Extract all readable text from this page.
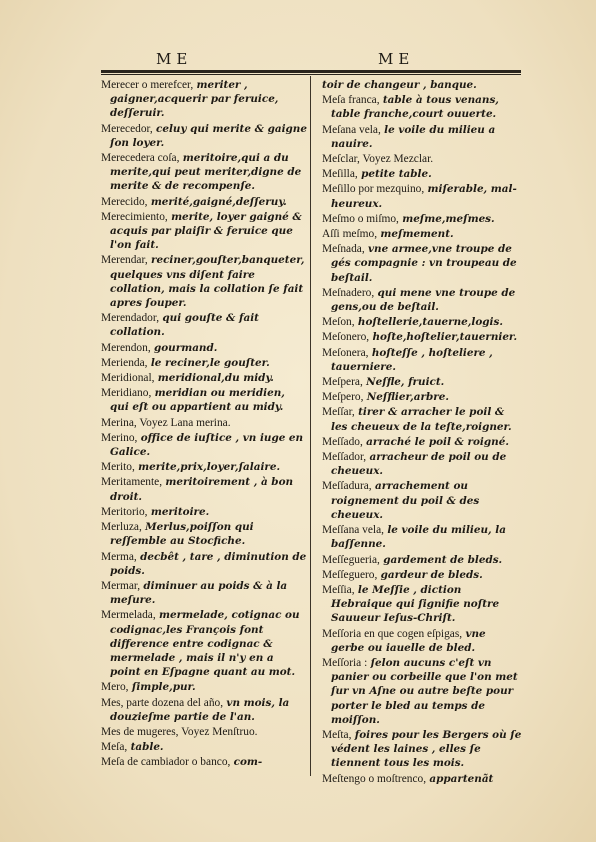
ME	ME
Merecer o merefcer, meriter , gaigner,acquerir par feruice, deſſeruir.
Merecedor, celuy qui merite & gaigne ſon loyer.
Merecedera coſa, meritoire,qui a du merite,qui peut meriter,digne de merite & de recompenſe.
Merecido, merité,gaigné,deſſeruy.
Merecimiento, merite, loyer gaigné & acquis par plaiſir & feruice que l'on fait.
Merendar, reciner,gouſter,banqueter, quelques vns diſent faire collation, mais la collation ſe fait apres ſouper.
Merendador, qui gouſte & fait collation.
Merendon, gourmand.
Merienda, le reciner,le gouſter.
Meridional, meridional,du midy.
Meridiano, meridian ou meridien, qui eſt ou appartient au midy.
Merina, Voyez Lana merina.
Merino, office de iuſtice , vn iuge en Galice.
Merito, merite,prix,loyer,ſalaire.
Meritamente, meritoirement , à bon droit.
Meritorio, meritoire.
Merluza, Merlus,poiſſon qui reſſemble au Stocfiche.
Merma, decbêt , tare , diminution de poids.
Mermar, diminuer au poids & à la meſure.
Mermelada, mermelade, cotignac ou codignac,les François font difference entre codignac & mermelade , mais il n'y en a point en Eſpagne quant au mot.
Mero, ſimple,pur.
Mes, parte dozena del año, vn mois, la douzieſme partie de l'an.
Mes de mugeres, Voyez Menſtruo.
Meſa, table.
Meſa de cambiador o banco, com-
toir de changeur , banque.
Meſa franca, table à tous venans, table franche,court ouuerte.
Meſana vela, le voile du milieu a nauire.
Meſclar, Voyez Mezclar.
Meſilla, petite table.
Meſillo por mezquino, miſerable, mal-heureux.
Meſmo o miſmo, meſme,meſmes.
Aſſi meſmo, meſmement.
Meſnada, vne armee,vne troupe de gés compagnie : vn troupeau de beſtail.
Meſnadero, qui mene vne troupe de gens,ou de beſtail.
Meſon, hoſtellerie,tauerne,logis.
Meſonero, hoſte,hoſtelier,tauernier.
Meſonera, hoſteſſe , hoſteliere , tauerniere.
Meſpera, Neſfle, fruict.
Meſpero, Neſflier,arbre.
Meſſar, tirer & arracher le poil & les cheueux de la teſte,roigner.
Meſſado, arraché le poil & roigné.
Meſſador, arracheur de poil ou de cheueux.
Meſſadura, arrachement ou roignement du poil & des cheueux.
Meſſana vela, le voile du milieu, la baſſenne.
Meſſegueria, gardement de bleds.
Meſſeguero, gardeur de bleds.
Meſſia, le Meſſie , diction Hebraique qui ſignifie noſtre Sauueur Ieſus-Chriſt.
Meſſoria en que cogen eſpigas, vne gerbe ou iauelle de bled.
Meſſoria : ſelon aucuns c'eſt vn panier ou corbeille que l'on met ſur vn Aſne ou autre beſte pour porter le bled au temps de moiſſon.
Meſta, foires pour les Bergers où ſe védent les laines , elles ſe tiennent tous les mois.
Meſtengo o moſtrenco, appartenãt
